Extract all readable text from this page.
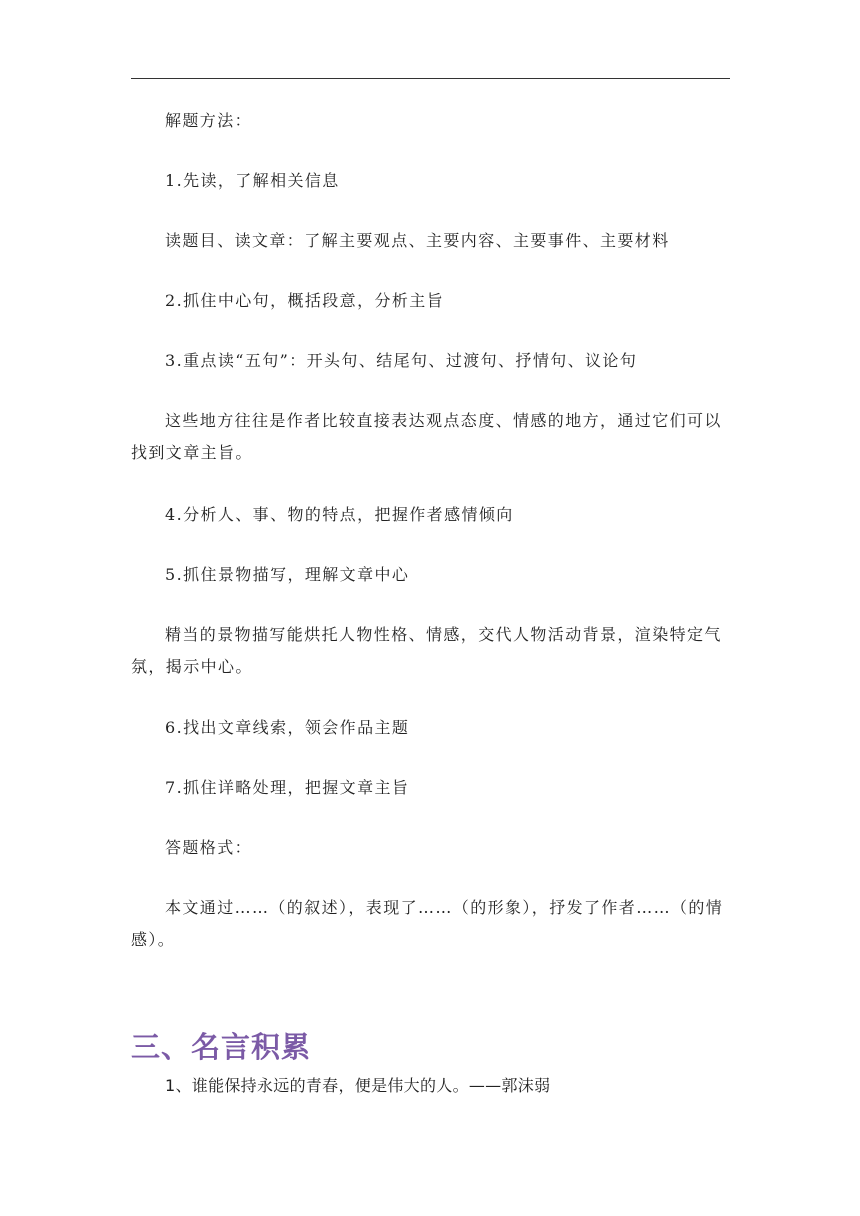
解题方法：

1.先读，了解相关信息

读题目、读文章：了解主要观点、主要内容、主要事件、主要材料

2.抓住中心句，概括段意，分析主旨

3.重点读“五句”：开头句、结尾句、过渡句、抒情句、议论句

这些地方往往是作者比较直接表达观点态度、情感的地方，通过它们可以找到文章主旨。

4.分析人、事、物的特点，把握作者感情倾向

5.抓住景物描写，理解文章中心

精当的景物描写能烘托人物性格、情感，交代人物活动背景，渲染特定气氛，揭示中心。

6.找出文章线索，领会作品主题

7.抓住详略处理，把握文章主旨

答题格式：

本文通过……（的叙述），表现了……（的形象），抒发了作者……（的情感）。

三、名言积累

1、谁能保持永远的青春，便是伟大的人。——郭沫弱
